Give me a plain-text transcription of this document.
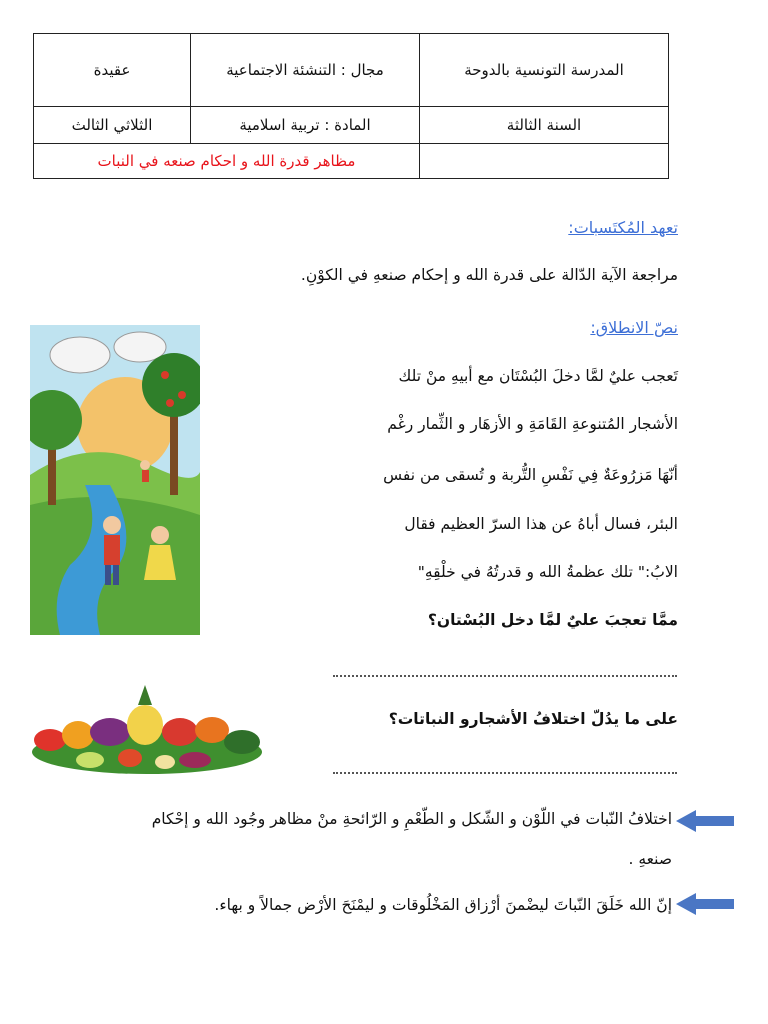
المدرسة التونسية بالدوحة	مجال : التنشئة الاجتماعية	عقيدة
السنة الثالثة	المادة : تربية اسلامية	الثلاثي الثالث
	مظاهر قدرة الله و احكام صنعه في النبات	
تعهد المُكتَسبات:
مراجعة الآية الدّالة على قدرة الله و إحكام صنعهِ في الكوْنِ.
نصّ الانطلاق:
تَعجب عليٌ لمَّا دخلَ البُسْتَان مع أبيهِ منْ تلك
الأشجار المُتنوعةِ القَامَةِ و الأزهَار و الثِّمار رغْم
أنّهَا مَزرُوعَةٌ فِي نَفْسِ التُّربة و تُسقى من نفس
البئر، فسال أباهُ عن هذا السرّ العظيم فقال
الابُ:" تلك عظمةُ الله و قدرتُهُ في خلْقِهِ"
ممَّا تعجبَ عليٌ لمَّا دخل البُسْتان؟
على ما يدُلّ اختلافُ الأشجارو النباتات؟
اختلافُ النّبات في اللّوْن و الشّكل و الطّعْمِ و الرّائحةِ منْ مظاهر وجُود الله و إحْكام
صنعهِ .
إنّ الله خَلَقَ النّباتَ ليضْمنَ أرْزاق المَخْلُوقات و ليمْنَحَ الأرْض جمالاً و بهاء.
